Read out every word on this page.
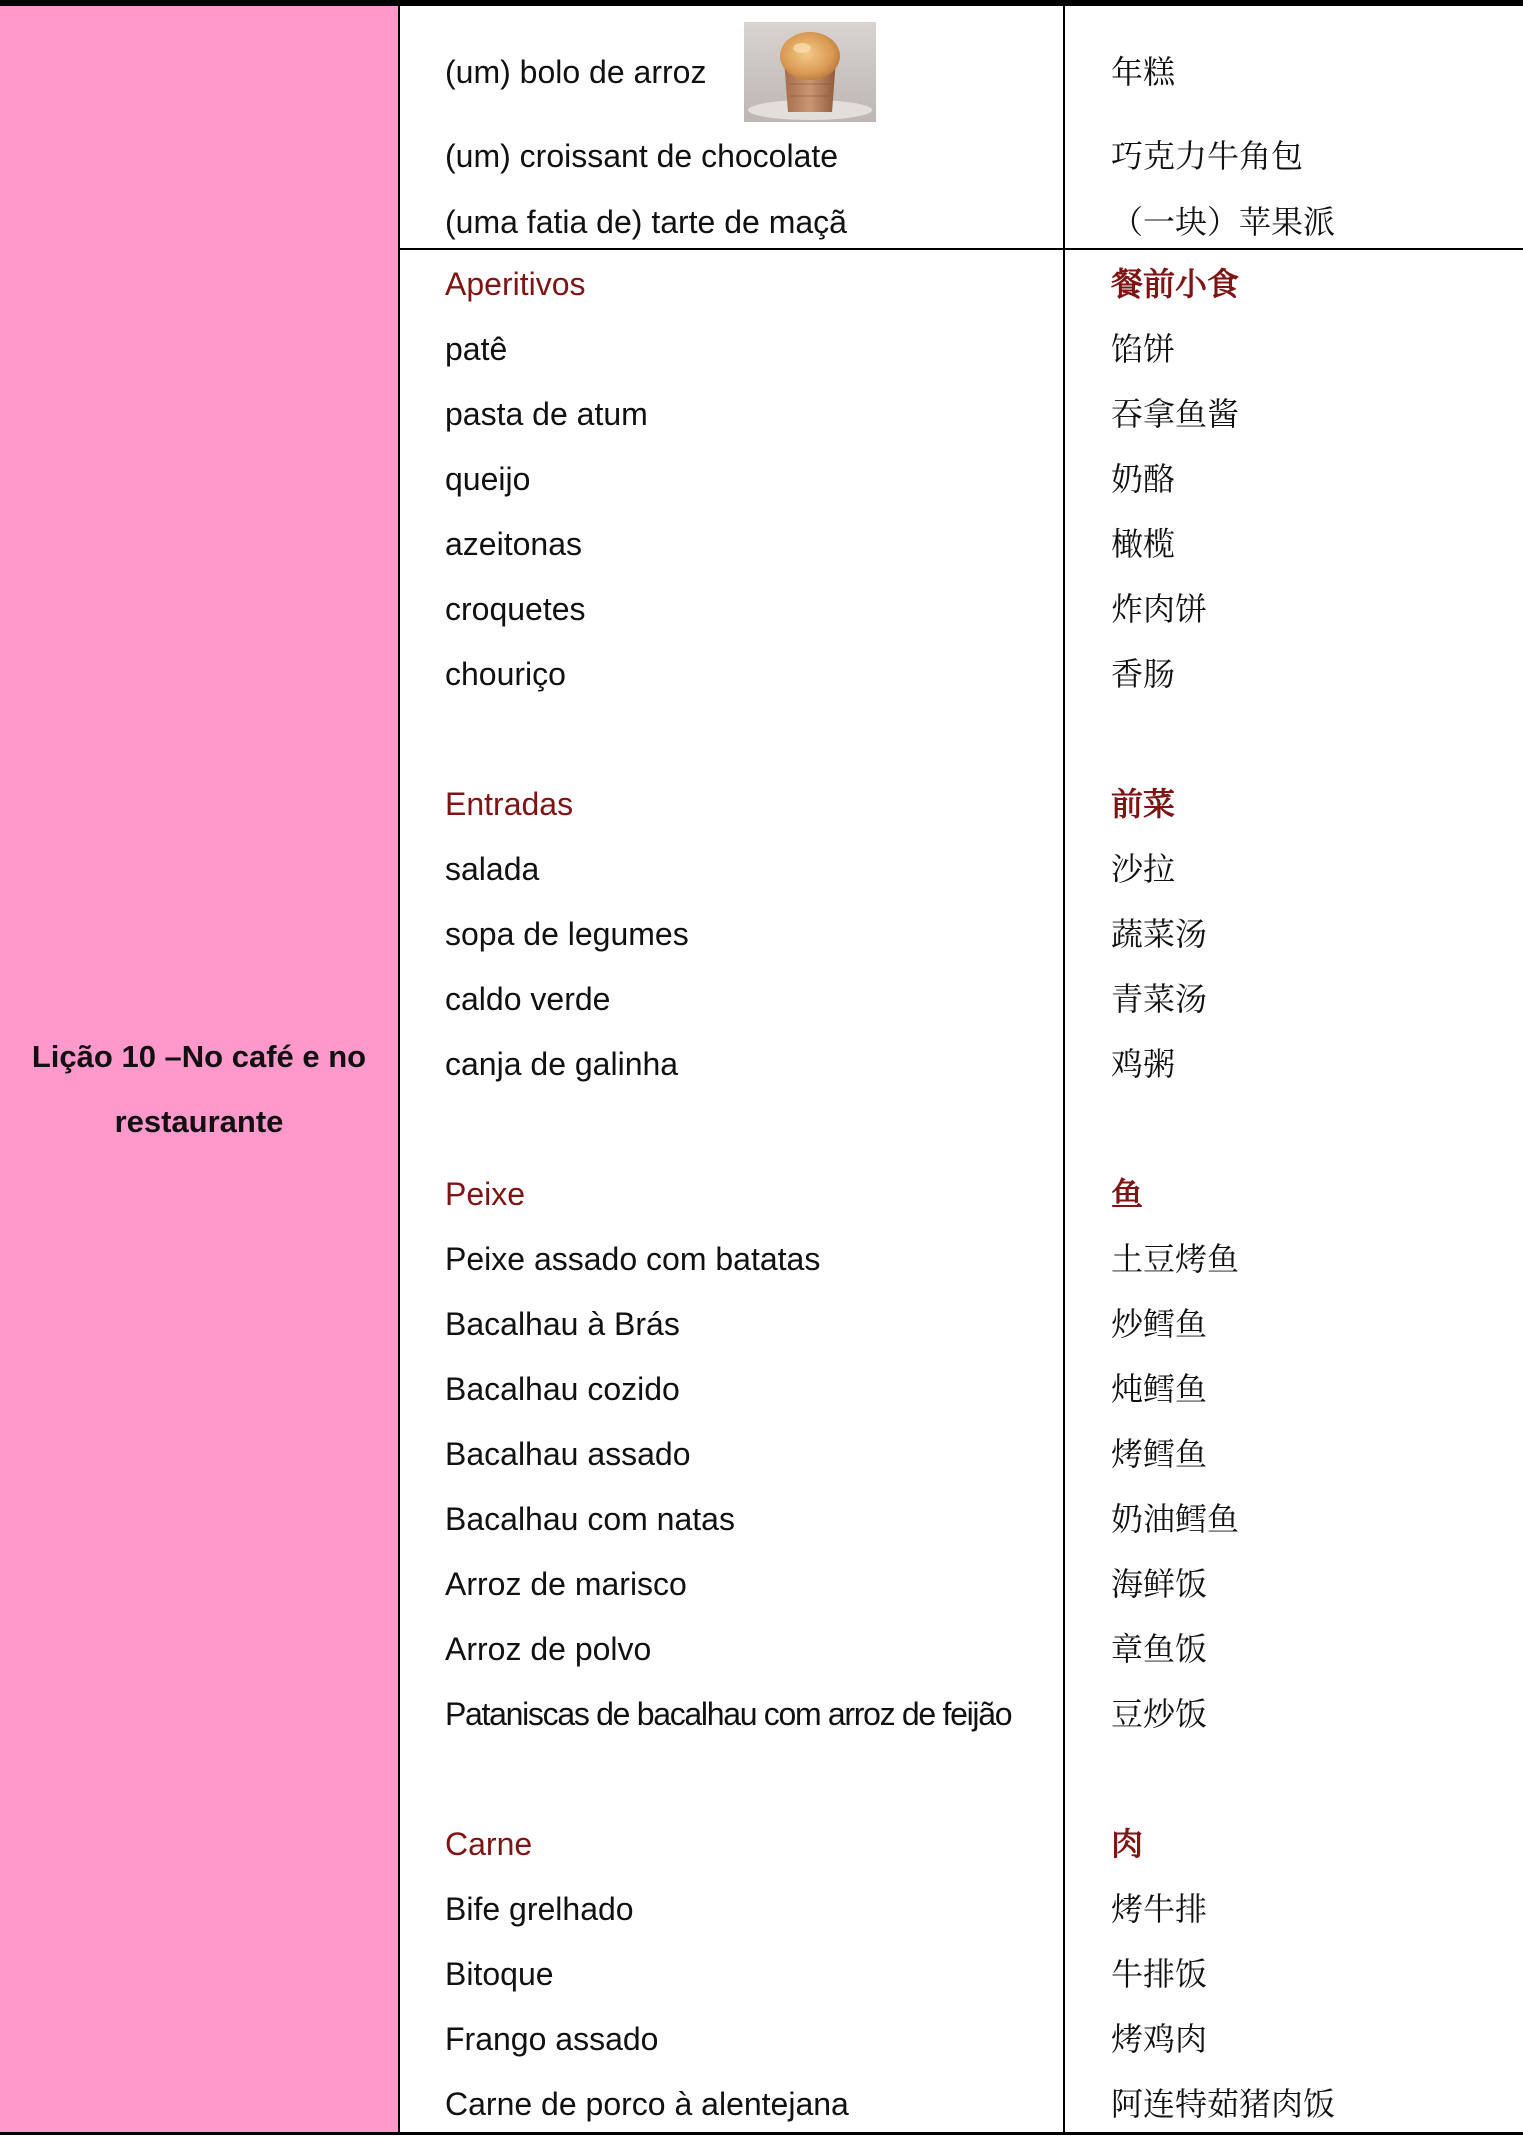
Lição 10 –No café e no restaurante
(um) bolo de arroz	年糕
(um) croissant de chocolate	巧克力牛角包
(uma fatia de) tarte de maçã	（一块）苹果派
Aperitivos	餐前小食
patê	馅饼
pasta de atum	吞拿鱼酱
queijo	奶酪
azeitonas	橄榄
croquetes	炸肉饼
chouriço	香肠
Entradas	前菜
salada	沙拉
sopa de legumes	蔬菜汤
caldo verde	青菜汤
canja de galinha	鸡粥
Peixe	鱼
Peixe assado com batatas	土豆烤鱼
Bacalhau à Brás	炒鳕鱼
Bacalhau cozido	炖鳕鱼
Bacalhau assado	烤鳕鱼
Bacalhau com natas	奶油鳕鱼
Arroz de marisco	海鲜饭
Arroz de polvo	章鱼饭
Pataniscas de bacalhau com arroz de feijão	豆炒饭
Carne	肉
Bife grelhado	烤牛排
Bitoque	牛排饭
Frango assado	烤鸡肉
Carne de porco à alentejana	阿连特茹猪肉饭
